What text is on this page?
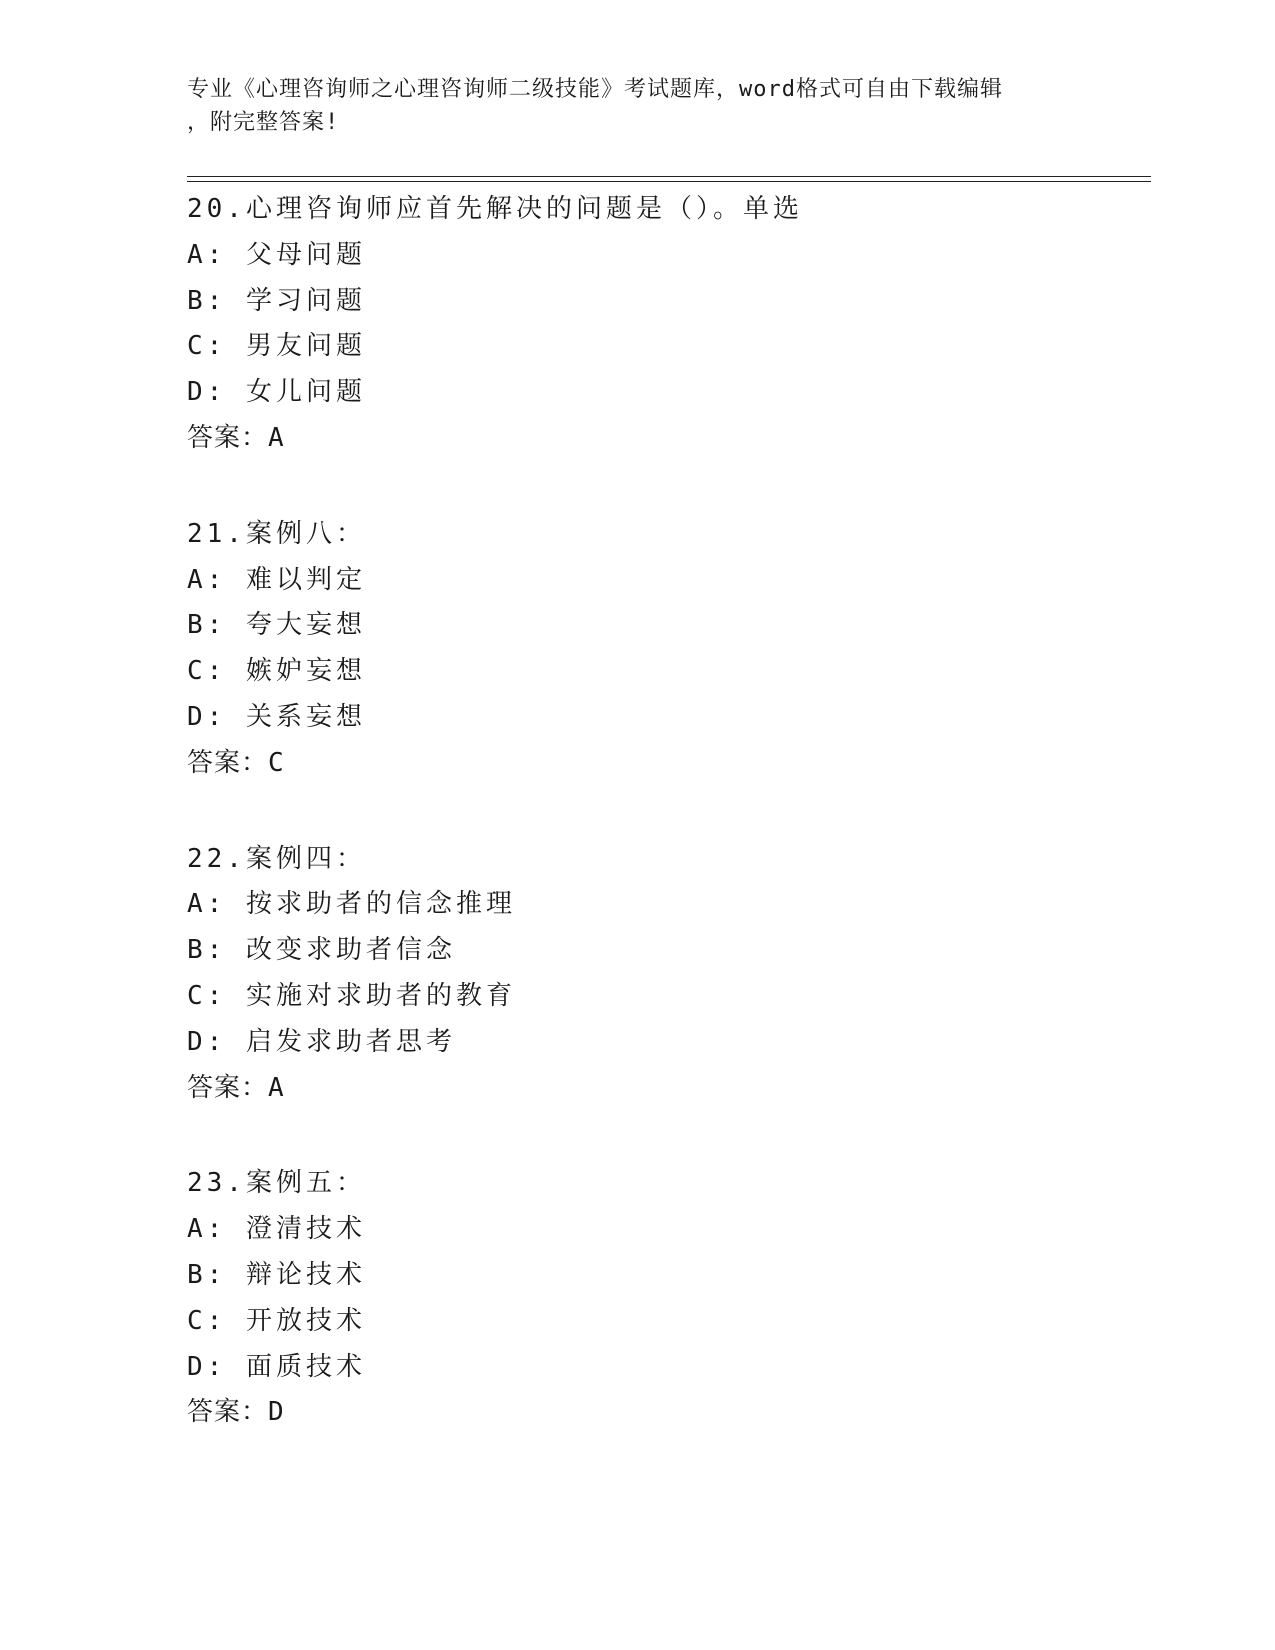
专业《心理咨询师之心理咨询师二级技能》考试题库，word格式可自由下载编辑
，附完整答案!
20.心理咨询师应首先解决的问题是（）。单选
A: 父母问题
B: 学习问题
C: 男友问题
D: 女儿问题
答案：A
21.案例八：
A: 难以判定
B: 夸大妄想
C: 嫉妒妄想
D: 关系妄想
答案：C
22.案例四：
A: 按求助者的信念推理
B: 改变求助者信念
C: 实施对求助者的教育
D: 启发求助者思考
答案：A
23.案例五：
A: 澄清技术
B: 辩论技术
C: 开放技术
D: 面质技术
答案：D
